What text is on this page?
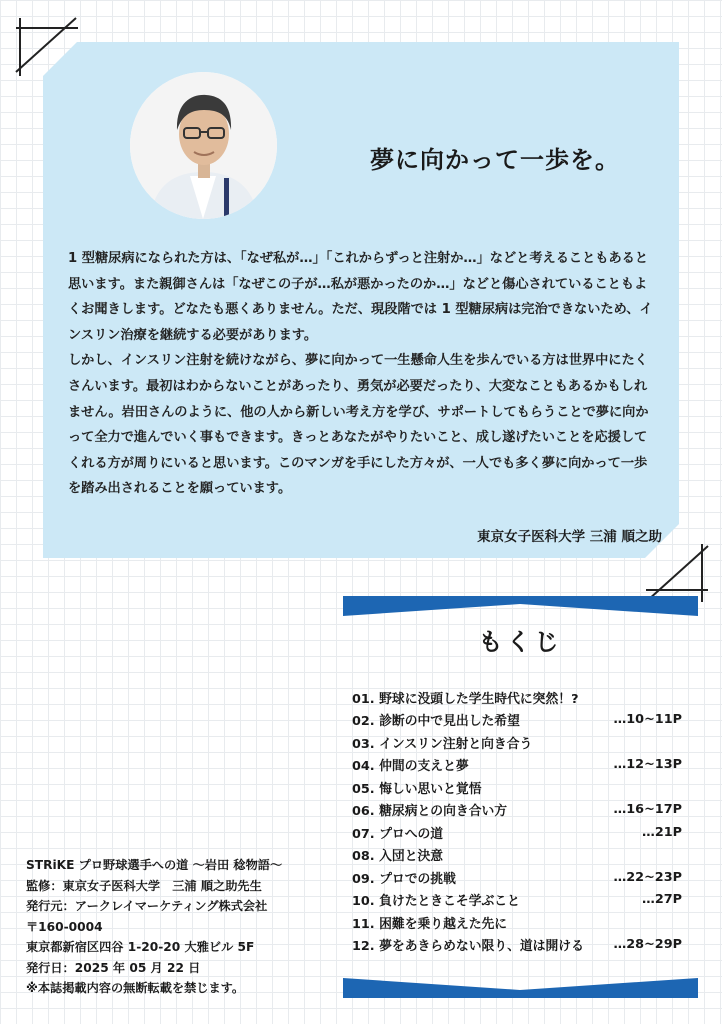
夢に向かって一歩を。

1 型糖尿病になられた方は、「なぜ私が…」「これからずっと注射か…」などと考えることもあると思います。また親御さんは「なぜこの子が…私が悪かったのか…」などと傷心されていることもよくお聞きします。どなたも悪くありません。ただ、現段階では 1 型糖尿病は完治できないため、インスリン治療を継続する必要があります。

しかし、インスリン注射を続けながら、夢に向かって一生懸命人生を歩んでいる方は世界中にたくさんいます。最初はわからないことがあったり、勇気が必要だったり、大変なこともあるかもしれません。岩田さんのように、他の人から新しい考え方を学び、サポートしてもらうことで夢に向かって全力で進んでいく事もできます。きっとあなたがやりたいこと、成し遂げたいことを応援してくれる方が周りにいると思います。このマンガを手にした方々が、一人でも多く夢に向かって一歩を踏み出されることを願っています。

東京女子医科大学 三浦 順之助
もくじ
01. 野球に没頭した学生時代に突然！?
02. 診断の中で見出した希望	…10~11P
03. インスリン注射と向き合う
04. 仲間の支えと夢	…12~13P
05. 悔しい思いと覚悟
06. 糖尿病との向き合い方	…16~17P
07. プロへの道	…21P
08. 入団と決意
09. プロでの挑戦	…22~23P
10. 負けたときこそ学ぶこと	…27P
11. 困難を乗り越えた先に
12. 夢をあきらめない限り、道は開ける …28~29P
STRiKE プロ野球選手への道 〜岩田 稔物語〜
監修：東京女子医科大学　三浦 順之助先生
発行元：アークレイマーケティング株式会社
〒160-0004
東京都新宿区四谷 1-20-20 大雅ビル 5F
発行日：2025 年 05 月 22 日
※本誌掲載内容の無断転載を禁じます。
